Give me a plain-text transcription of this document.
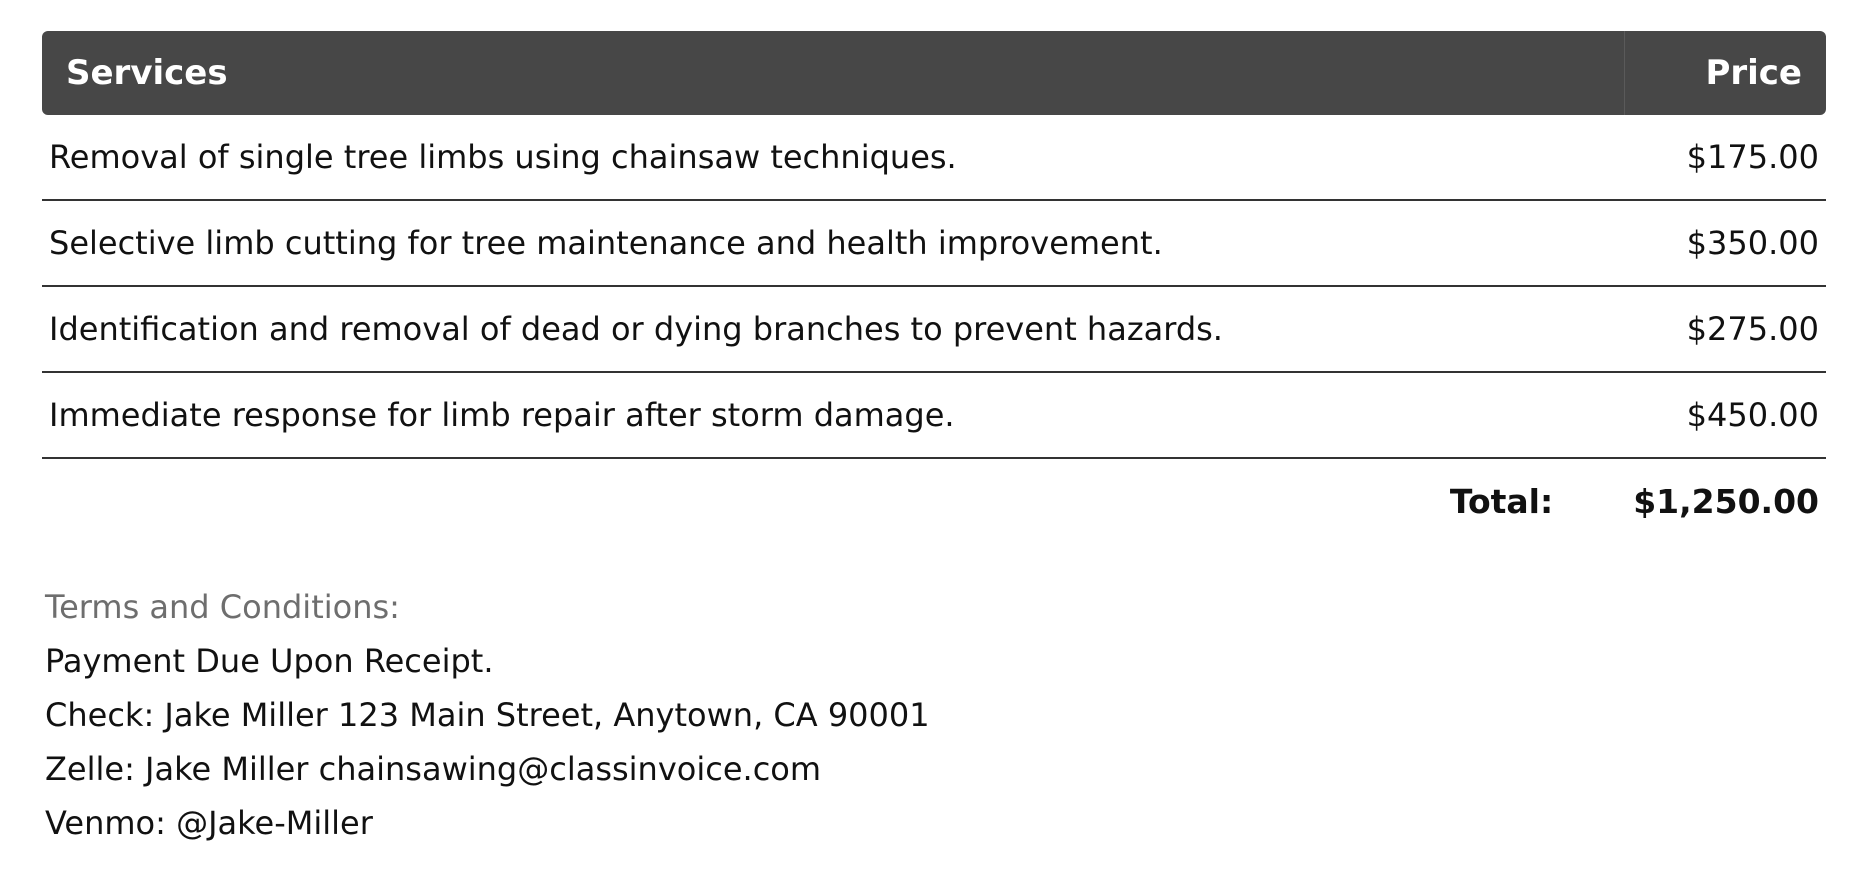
Services	Price
Removal of single tree limbs using chainsaw techniques.	$175.00
Selective limb cutting for tree maintenance and health improvement.	$350.00
Identification and removal of dead or dying branches to prevent hazards.	$275.00
Immediate response for limb repair after storm damage.	$450.00
Total:	$1,250.00
Terms and Conditions:
Payment Due Upon Receipt.
Check: Jake Miller 123 Main Street, Anytown, CA 90001
Zelle: Jake Miller chainsawing@classinvoice.com
Venmo: @Jake-Miller
